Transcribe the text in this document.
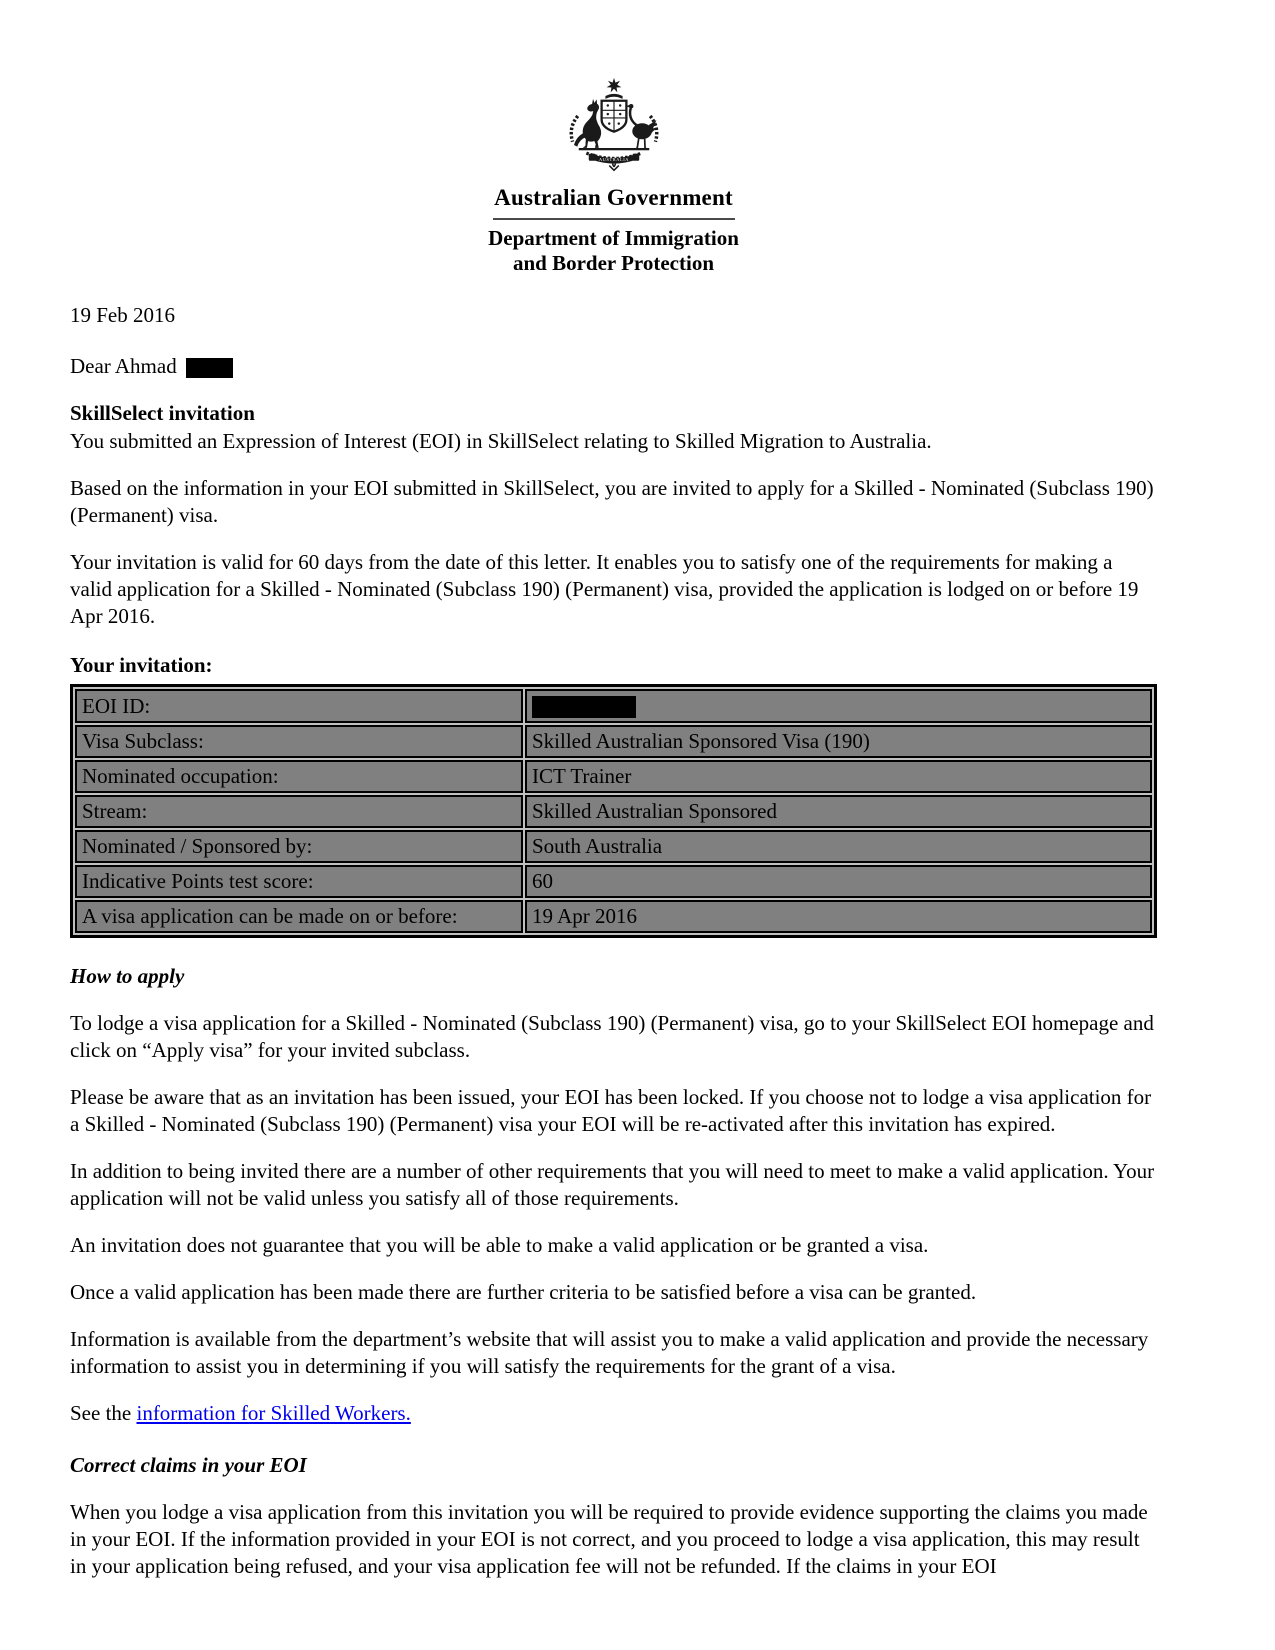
AUSTRALIA
Australian Government
Department of Immigration
and Border Protection

19 Feb 2016

Dear Ahmad

SkillSelect invitation

You submitted an Expression of Interest (EOI) in SkillSelect relating to Skilled Migration to Australia.

Based on the information in your EOI submitted in SkillSelect, you are invited to apply for a Skilled - Nominated (Subclass 190) (Permanent) visa.

Your invitation is valid for 60 days from the date of this letter. It enables you to satisfy one of the requirements for making a valid application for a Skilled - Nominated (Subclass 190) (Permanent) visa, provided the application is lodged on or before 19 Apr 2016.

Your invitation:

EOI ID:	
Visa Subclass:	Skilled Australian Sponsored Visa (190)
Nominated occupation:	ICT Trainer
Stream:	Skilled Australian Sponsored
Nominated / Sponsored by:	South Australia
Indicative Points test score:	60
A visa application can be made on or before:	19 Apr 2016

How to apply

To lodge a visa application for a Skilled - Nominated (Subclass 190) (Permanent) visa, go to your SkillSelect EOI homepage and click on “Apply visa” for your invited subclass.

Please be aware that as an invitation has been issued, your EOI has been locked. If you choose not to lodge a visa application for a Skilled - Nominated (Subclass 190) (Permanent) visa your EOI will be re-activated after this invitation has expired.

In addition to being invited there are a number of other requirements that you will need to meet to make a valid application. Your application will not be valid unless you satisfy all of those requirements.

An invitation does not guarantee that you will be able to make a valid application or be granted a visa.

Once a valid application has been made there are further criteria to be satisfied before a visa can be granted.

Information is available from the department’s website that will assist you to make a valid application and provide the necessary information to assist you in determining if you will satisfy the requirements for the grant of a visa.

See the information for Skilled Workers.

Correct claims in your EOI

When you lodge a visa application from this invitation you will be required to provide evidence supporting the claims you made in your EOI. If the information provided in your EOI is not correct, and you proceed to lodge a visa application, this may result in your application being refused, and your visa application fee will not be refunded. If the claims in your EOI
